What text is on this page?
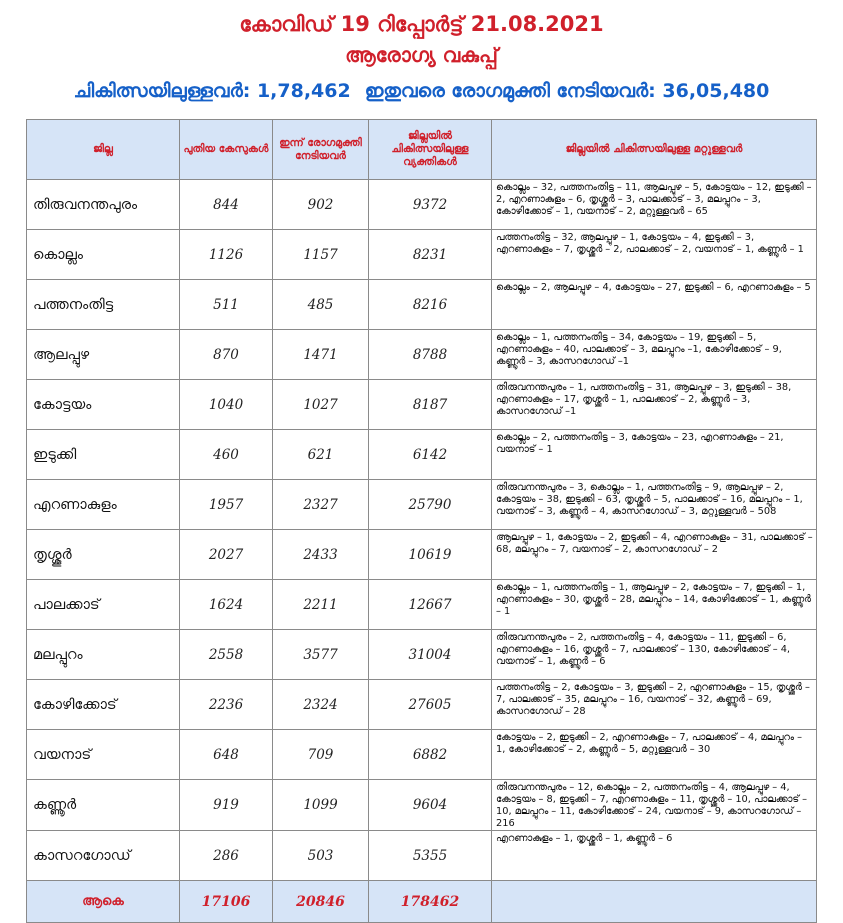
കോവിഡ് 19 റിപ്പോർട്ട് 21.08.2021
ആരോഗ്യ വകുപ്പ്
ചികിത്സയിലുള്ളവർ: 1,78,462 ഇതുവരെ രോഗമുക്തി നേടിയവർ: 36,05,480
ജില്ല	പുതിയ കേസുകൾ	ഇന്ന് രോഗമുക്തി നേടിയവർ	ജില്ലയിൽ ചികിത്സയിലുള്ള വ്യക്തികൾ	ജില്ലയിൽ ചികിത്സയിലുള്ള മറ്റുള്ളവർ
തിരുവനന്തപുരം	844	902	9372	കൊല്ലം – 32, പത്തനംതിട്ട – 11, ആലപ്പുഴ – 5, കോട്ടയം – 12, ഇടുക്കി – 2, എറണാകുളം – 6, തൃശ്ശൂർ – 3, പാലക്കാട് – 3, മലപ്പുറം – 3, കോഴിക്കോട് – 1, വയനാട് – 2, മറ്റുള്ളവർ – 65
കൊല്ലം	1126	1157	8231	പത്തനംതിട്ട – 32, ആലപ്പുഴ – 1, കോട്ടയം – 4, ഇടുക്കി – 3, എറണാകുളം – 7, തൃശ്ശൂർ – 2, പാലക്കാട് – 2, വയനാട് – 1, കണ്ണൂർ – 1
പത്തനംതിട്ട	511	485	8216	കൊല്ലം – 2, ആലപ്പുഴ – 4, കോട്ടയം – 27, ഇടുക്കി – 6, എറണാകുളം – 5
ആലപ്പുഴ	870	1471	8788	കൊല്ലം – 1, പത്തനംതിട്ട – 34, കോട്ടയം – 19, ഇടുക്കി – 5, എറണാകുളം – 40, പാലക്കാട് – 3, മലപ്പുറം –1, കോഴിക്കോട് – 9, കണ്ണൂർ – 3, കാസറഗോഡ് –1
കോട്ടയം	1040	1027	8187	തിരുവനന്തപുരം – 1, പത്തനംതിട്ട – 31, ആലപ്പുഴ – 3, ഇടുക്കി – 38, എറണാകുളം – 17, തൃശ്ശൂർ – 1, പാലക്കാട് – 2, കണ്ണൂർ – 3, കാസറഗോഡ് –1
ഇടുക്കി	460	621	6142	കൊല്ലം – 2, പത്തനംതിട്ട – 3, കോട്ടയം – 23, എറണാകുളം – 21, വയനാട് – 1
എറണാകുളം	1957	2327	25790	തിരുവനന്തപുരം – 3, കൊല്ലം – 1, പത്തനംതിട്ട – 9, ആലപ്പുഴ – 2, കോട്ടയം – 38, ഇടുക്കി – 63, തൃശ്ശൂർ – 5, പാലക്കാട് – 16, മലപ്പുറം – 1, വയനാട് – 3, കണ്ണൂർ – 4, കാസറഗോഡ് – 3, മറ്റുള്ളവർ – 508
തൃശ്ശൂർ	2027	2433	10619	ആലപ്പുഴ – 1, കോട്ടയം – 2, ഇടുക്കി – 4, എറണാകുളം – 31, പാലക്കാട് – 68, മലപ്പുറം – 7, വയനാട് – 2, കാസറഗോഡ് – 2
പാലക്കാട്	1624	2211	12667	കൊല്ലം – 1, പത്തനംതിട്ട – 1, ആലപ്പുഴ – 2, കോട്ടയം – 7, ഇടുക്കി – 1, എറണാകുളം – 30, തൃശ്ശൂർ – 28, മലപ്പുറം – 14, കോഴിക്കോട് – 1, കണ്ണൂർ – 1
മലപ്പുറം	2558	3577	31004	തിരുവനന്തപുരം – 2, പത്തനംതിട്ട – 4, കോട്ടയം – 11, ഇടുക്കി – 6, എറണാകുളം – 16, തൃശ്ശൂർ – 7, പാലക്കാട് – 130, കോഴിക്കോട് – 4, വയനാട് – 1, കണ്ണൂർ – 6
കോഴിക്കോട്	2236	2324	27605	പത്തനംതിട്ട – 2, കോട്ടയം – 3, ഇടുക്കി – 2, എറണാകുളം – 15, തൃശ്ശൂർ – 7, പാലക്കാട് – 35, മലപ്പുറം – 16, വയനാട് – 32, കണ്ണൂർ – 69, കാസറഗോഡ് – 28
വയനാട്	648	709	6882	കോട്ടയം – 2, ഇടുക്കി – 2, എറണാകുളം – 7, പാലക്കാട് – 4, മലപ്പുറം – 1, കോഴിക്കോട് – 2, കണ്ണൂർ – 5, മറ്റുള്ളവർ – 30
കണ്ണൂർ	919	1099	9604	തിരുവനന്തപുരം – 12, കൊല്ലം – 2, പത്തനംതിട്ട – 4, ആലപ്പുഴ – 4, കോട്ടയം – 8, ഇടുക്കി – 7, എറണാകുളം – 11, തൃശ്ശൂർ – 10, പാലക്കാട് – 10, മലപ്പുറം – 11, കോഴിക്കോട് – 24, വയനാട് – 9, കാസറഗോഡ് – 216
കാസറഗോഡ്	286	503	5355	എറണാകുളം – 1, തൃശ്ശൂർ – 1, കണ്ണൂർ – 6
ആകെ	17106	20846	178462	
